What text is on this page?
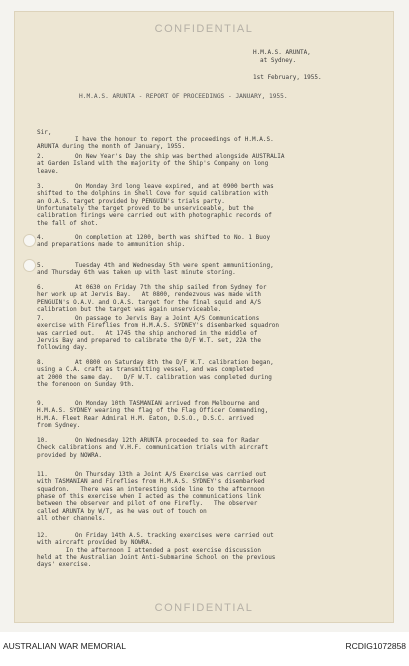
CONFIDENTIAL
H.M.A.S. ARUNTA,
at Sydney.
1st February, 1955.
H.M.A.S. ARUNTA - REPORT OF PROCEEDINGS - JANUARY, 1955.
Sir,
I have the honour to report the proceedings of H.M.A.S.
ARUNTA during the month of January, 1955.
2.	On New Year's Day the ship was berthed alongside AUSTRALIA
at Garden Island with the majority of the Ship's Company on long
leave.
3.	On Monday 3rd long leave expired, and at 0900 berth was
shifted to the dolphins in Shell Cove for squid calibration with
an O.A.S. target provided by PENGUIN's trials party.
Unfortunately the target proved to be unserviceable, but the
calibration firings were carried out with photographic records of
the fall of shot.
4.	On completion at 1200, berth was shifted to No. 1 Buoy
and preparations made to ammunition ship.
5.	Tuesday 4th and Wednesday 5th were spent ammunitioning,
and Thursday 6th was taken up with last minute storing.
6.	At 0630 on Friday 7th the ship sailed from Sydney for
her work up at Jervis Bay.   At 0800, rendezvous was made with
PENGUIN's O.A.V. and O.A.S. target for the final squid and A/S
calibration but the target was again unserviceable.
7.	On passage to Jervis Bay a Joint A/S Communications
exercise with Fireflies from H.M.A.S. SYDNEY's disembarked squadron
was carried out.   At 1745 the ship anchored in the middle of
Jervis Bay and prepared to calibrate the D/F W.T. set, 22A the
following day.
8.	At 0800 on Saturday 8th the D/F W.T. calibration began,
using a C.A. craft as transmitting vessel, and was completed
at 2000 the same day.   D/F W.T. calibration was completed during
the forenoon on Sunday 9th.
9.	On Monday 10th TASMANIAN arrived from Melbourne and
H.M.A.S. SYDNEY wearing the flag of the Flag Officer Commanding,
H.M.A. Fleet Rear Admiral H.M. Eaton, D.S.O., D.S.C. arrived
from Sydney.
10.	On Wednesday 12th ARUNTA proceeded to sea for Radar
Check calibrations and V.H.F. communication trials with aircraft
provided by NOWRA.
11.	On Thursday 13th a Joint A/S Exercise was carried out
with TASMANIAN and Fireflies from H.M.A.S. SYDNEY's disembarked
squadron.   There was an interesting side line to the afternoon
phase of this exercise when I acted as the communications link
between the observer and pilot of one Firefly.   The observer
called ARUNTA by W/T, as he was out of touch on
all other channels.
12.	On Friday 14th A.S. tracking exercises were carried out
with aircraft provided by NOWRA.
In the afternoon I attended a post exercise discussion
held at the Australian Joint Anti-Submarine School on the previous
days' exercise.
CONFIDENTIAL
AUSTRALIAN WAR MEMORIAL	RCDIG1072858
